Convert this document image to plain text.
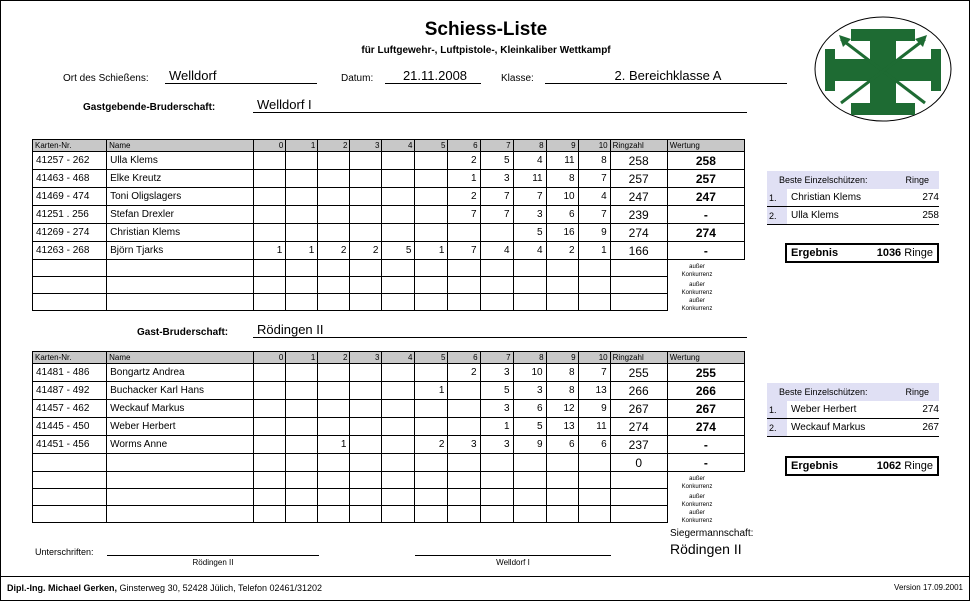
Schiess-Liste
für Luftgewehr-, Luftpistole-, Kleinkaliber Wettkampf
Ort des Schießens:	Welldorf	Datum:	21.11.2008	Klasse:	2. Bereichklasse A
Gastgebende-Bruderschaft:	Welldorf I
Karten-Nr.	Name	0	1	2	3	4	5	6	7	8	9	10	Ringzahl	Wertung
41257 - 262	Ulla Klems							2	5	4	11	8	258	258
41463 - 468	Elke Kreutz							1	3	11	8	7	257	257
41469 - 474	Toni Oligslagers							2	7	7	10	4	247	247
41251 . 256	Stefan Drexler							7	7	3	6	7	239	-
41269 - 274	Christian Klems									5	16	9	274	274
41263 - 268	Björn Tjarks	1	1	2	2	5	1	7	4	4	2	1	166	-

außer
Konkurrenz
außer
Konkurrenz
außer
Konkurrenz
Beste Einzelschützen:	Ringe
1.	Christian Klems	274
2.	Ulla Klems	258
Ergebnis	1036 Ringe
Gast-Bruderschaft:	Rödingen II
Karten-Nr.	Name	0	1	2	3	4	5	6	7	8	9	10	Ringzahl	Wertung
41481 - 486	Bongartz Andrea							2	3	10	8	7	255	255
41487 - 492	Buchacker Karl Hans						1		5	3	8	13	266	266
41457 - 462	Weckauf Markus								3	6	12	9	267	267
41445 - 450	Weber Herbert								1	5	13	11	274	274
41451 - 456	Worms Anne			1			2	3	3	9	6	6	237	-
													0	-

außer
Konkurrenz
außer
Konkurrenz
außer
Konkurrenz
Beste Einzelschützen:	Ringe
1.	Weber Herbert	274
2.	Weckauf Markus	267
Ergebnis	1062 Ringe
Siegermannschaft:
Rödingen II
Unterschriften:
Rödingen II	Welldorf I
Dipl.-Ing. Michael Gerken, Ginsterweg 30, 52428 Jülich, Telefon 02461/31202	Version 17.09.2001
